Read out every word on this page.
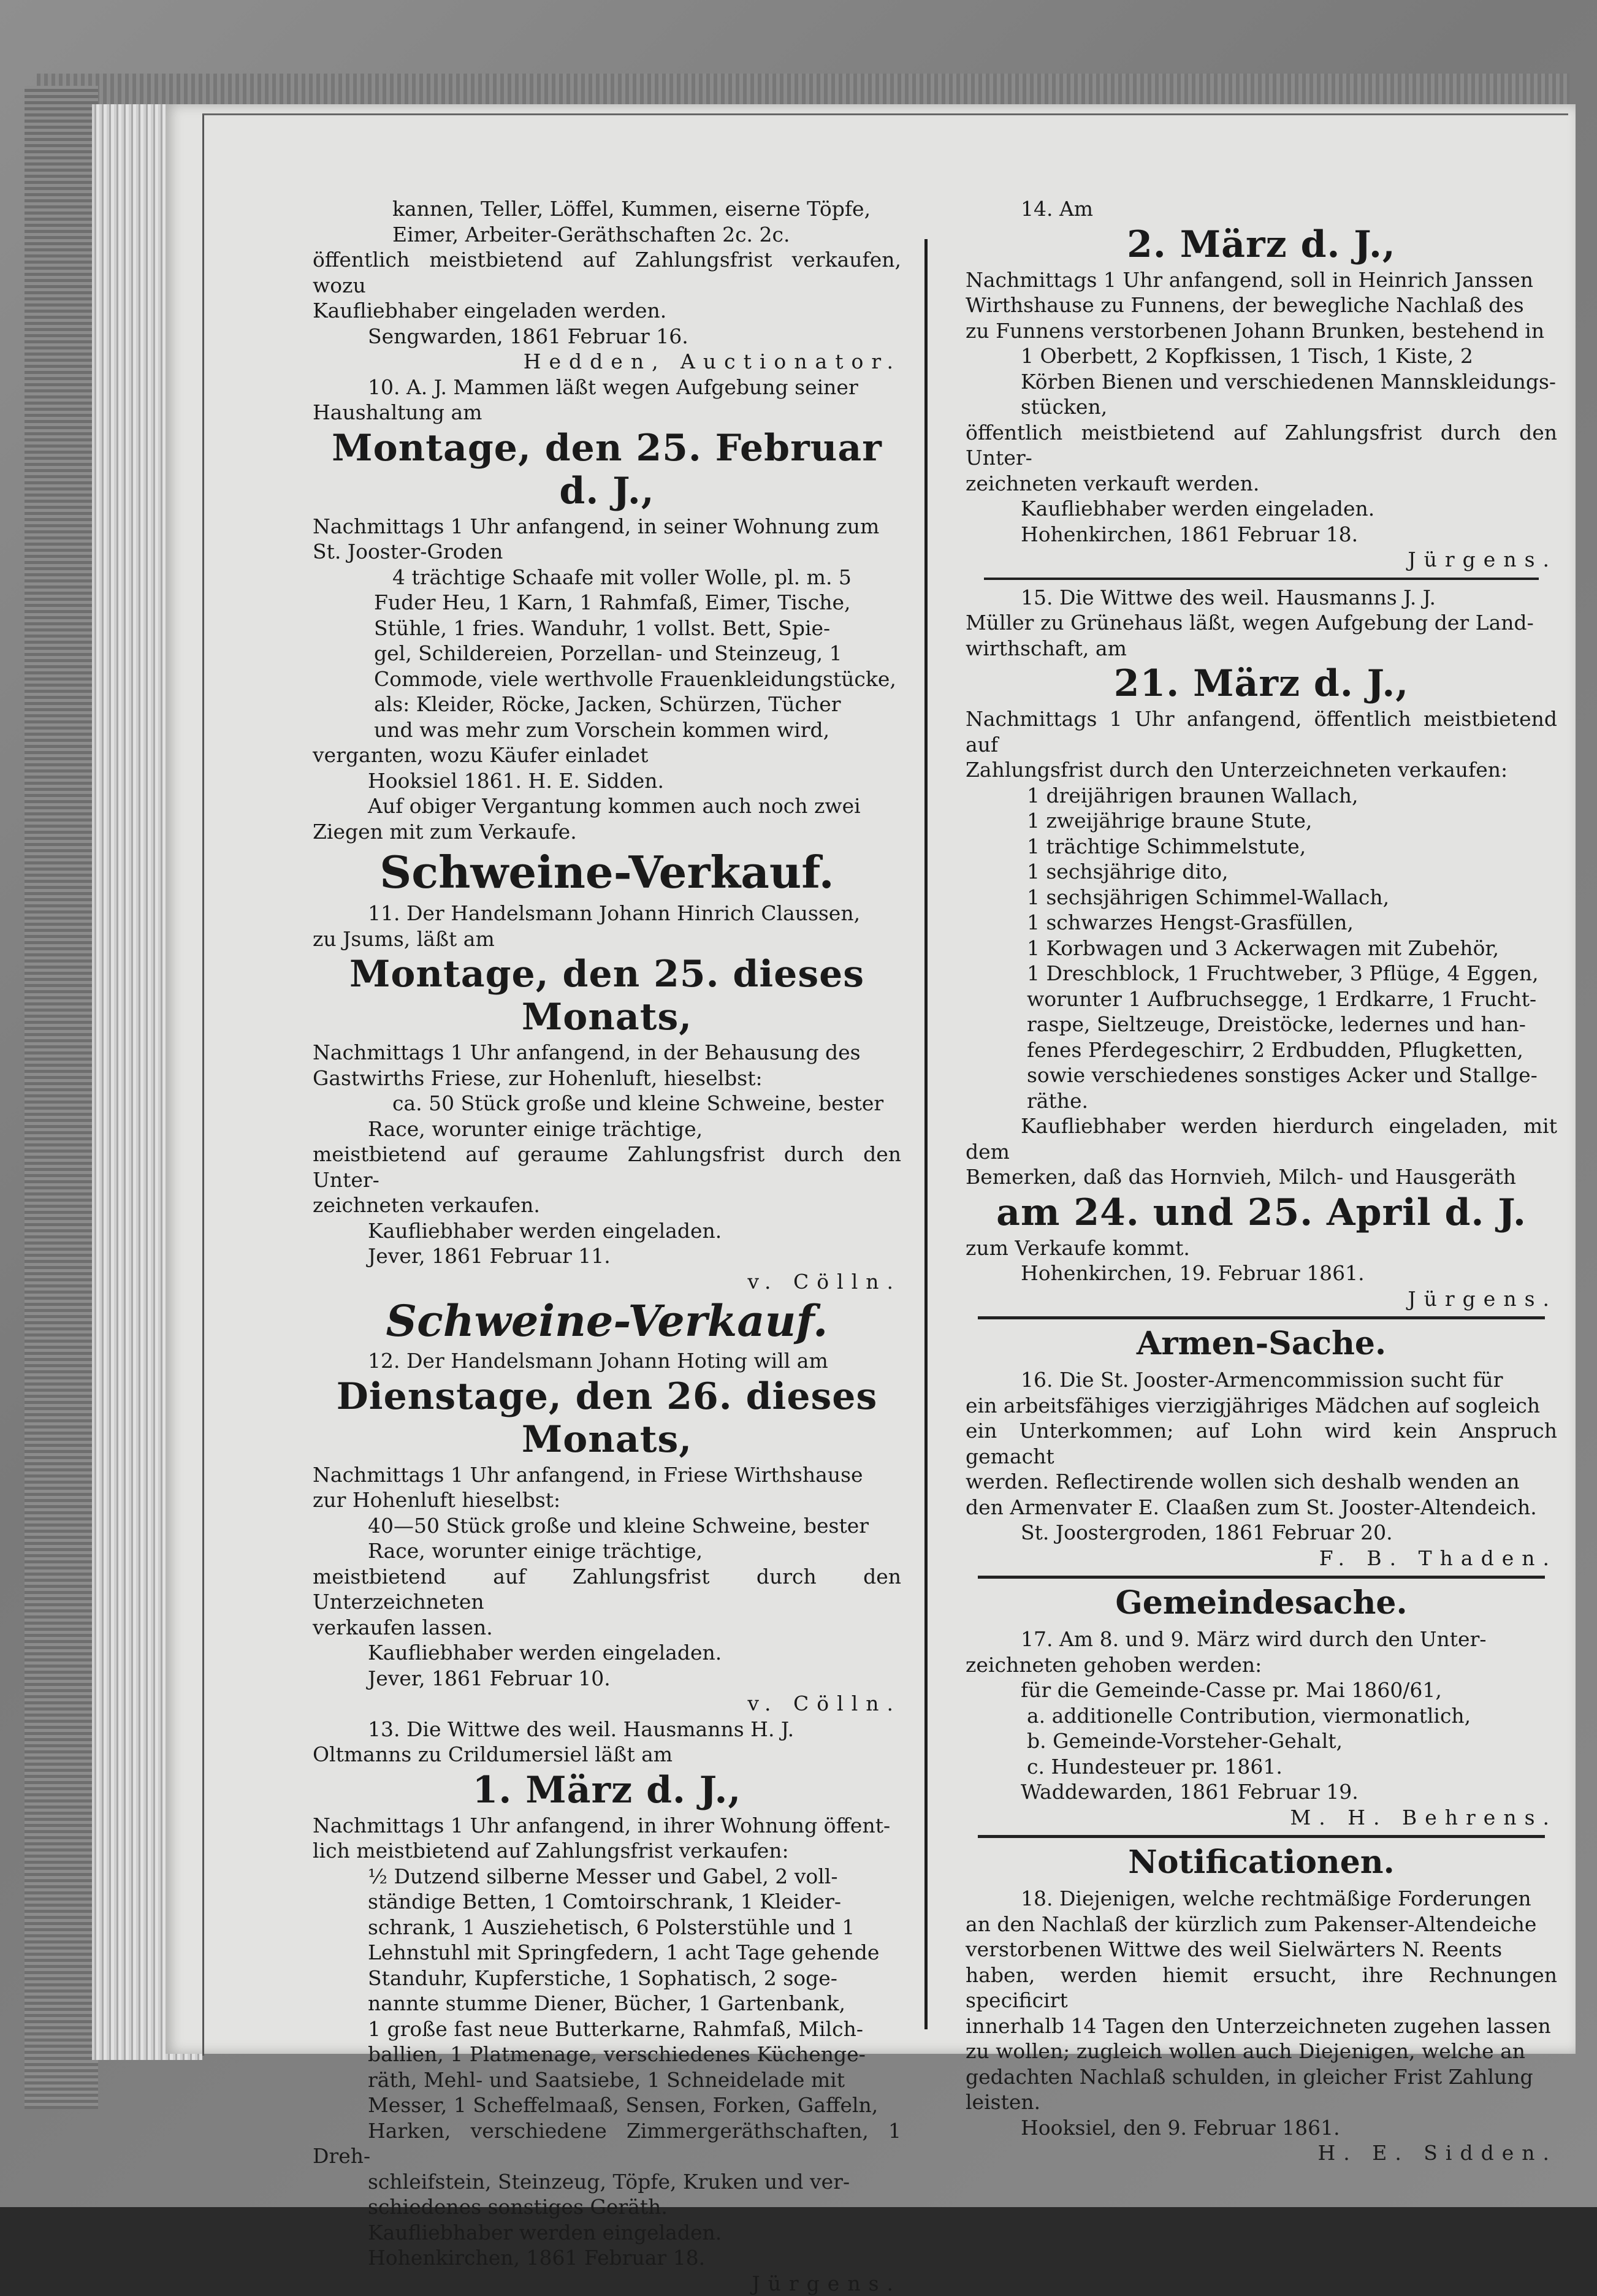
kannen, Teller, Löffel, Kummen, eiserne Töpfe,

Eimer, Arbeiter-Geräthschaften 2c. 2c.

öffentlich meistbietend auf Zahlungsfrist verkaufen, wozu

Kaufliebhaber eingeladen werden.

Sengwarden, 1861 Februar 16.

Hedden, Auctionator.

10. A. J. Mammen läßt wegen Aufgebung seiner

Haushaltung am

Montage, den 25. Februar d. J.,

Nachmittags 1 Uhr anfangend, in seiner Wohnung zum

St. Jooster-Groden

4 trächtige Schaafe mit voller Wolle, pl. m. 5

Fuder Heu, 1 Karn, 1 Rahmfaß, Eimer, Tische,

Stühle, 1 fries. Wanduhr, 1 vollst. Bett, Spie-

gel, Schildereien, Porzellan- und Steinzeug, 1

Commode, viele werthvolle Frauenkleidungstücke,

als: Kleider, Röcke, Jacken, Schürzen, Tücher

und was mehr zum Vorschein kommen wird,

verganten, wozu Käufer einladet

Hooksiel 1861. H. E. Sidden.

Auf obiger Vergantung kommen auch noch zwei

Ziegen mit zum Verkaufe.

Schweine-Verkauf.

11. Der Handelsmann Johann Hinrich Claussen,

zu Jsums, läßt am

Montage, den 25. dieses Monats,

Nachmittags 1 Uhr anfangend, in der Behausung des

Gastwirths Friese, zur Hohenluft, hieselbst:

ca. 50 Stück große und kleine Schweine, bester

Race, worunter einige trächtige,

meistbietend auf geraume Zahlungsfrist durch den Unter-

zeichneten verkaufen.

Kaufliebhaber werden eingeladen.

Jever, 1861 Februar 11.

v. Cölln.

Schweine-Verkauf.

12. Der Handelsmann Johann Hoting will am

Dienstage, den 26. dieses Monats,

Nachmittags 1 Uhr anfangend, in Friese Wirthshause

zur Hohenluft hieselbst:

40—50 Stück große und kleine Schweine, bester

Race, worunter einige trächtige,

meistbietend auf Zahlungsfrist durch den Unterzeichneten

verkaufen lassen.

Kaufliebhaber werden eingeladen.

Jever, 1861 Februar 10.

v. Cölln.

13. Die Wittwe des weil. Hausmanns H. J.

Oltmanns zu Crildumersiel läßt am

1. März d. J.,

Nachmittags 1 Uhr anfangend, in ihrer Wohnung öffent-

lich meistbietend auf Zahlungsfrist verkaufen:

½ Dutzend silberne Messer und Gabel, 2 voll-

ständige Betten, 1 Comtoirschrank, 1 Kleider-

schrank, 1 Ausziehetisch, 6 Polsterstühle und 1

Lehnstuhl mit Springfedern, 1 acht Tage gehende

Standuhr, Kupferstiche, 1 Sophatisch, 2 soge-

nannte stumme Diener, Bücher, 1 Gartenbank,

1 große fast neue Butterkarne, Rahmfaß, Milch-

ballien, 1 Platmenage, verschiedenes Küchenge-

räth, Mehl- und Saatsiebe, 1 Schneidelade mit

Messer, 1 Scheffelmaaß, Sensen, Forken, Gaffeln,

Harken, verschiedene Zimmergeräthschaften, 1 Dreh-

schleifstein, Steinzeug, Töpfe, Kruken und ver-

schiedenes sonstiges Geräth.

Kaufliebhaber werden eingeladen.

Hohenkirchen, 1861 Februar 18.

Jürgens.

14. Am

2. März d. J.,

Nachmittags 1 Uhr anfangend, soll in Heinrich Janssen

Wirthshause zu Funnens, der bewegliche Nachlaß des

zu Funnens verstorbenen Johann Brunken, bestehend in

1 Oberbett, 2 Kopfkissen, 1 Tisch, 1 Kiste, 2

Körben Bienen und verschiedenen Mannskleidungs-

stücken,

öffentlich meistbietend auf Zahlungsfrist durch den Unter-

zeichneten verkauft werden.

Kaufliebhaber werden eingeladen.

Hohenkirchen, 1861 Februar 18.

Jürgens.

15. Die Wittwe des weil. Hausmanns J. J.

Müller zu Grünehaus läßt, wegen Aufgebung der Land-

wirthschaft, am

21. März d. J.,

Nachmittags 1 Uhr anfangend, öffentlich meistbietend auf

Zahlungsfrist durch den Unterzeichneten verkaufen:

1 dreijährigen braunen Wallach,

1 zweijährige braune Stute,

1 trächtige Schimmelstute,

1 sechsjährige dito,

1 sechsjährigen Schimmel-Wallach,

1 schwarzes Hengst-Grasfüllen,

1 Korbwagen und 3 Ackerwagen mit Zubehör,

1 Dreschblock, 1 Fruchtweber, 3 Pflüge, 4 Eggen,

worunter 1 Aufbruchsegge, 1 Erdkarre, 1 Frucht-

raspe, Sieltzeuge, Dreistöcke, ledernes und han-

fenes Pferdegeschirr, 2 Erdbudden, Pflugketten,

sowie verschiedenes sonstiges Acker und Stallge-

räthe.

Kaufliebhaber werden hierdurch eingeladen, mit dem

Bemerken, daß das Hornvieh, Milch- und Hausgeräth

am 24. und 25. April d. J.

zum Verkaufe kommt.

Hohenkirchen, 19. Februar 1861.

Jürgens.

Armen-Sache.

16. Die St. Jooster-Armencommission sucht für

ein arbeitsfähiges vierzigjähriges Mädchen auf sogleich

ein Unterkommen; auf Lohn wird kein Anspruch gemacht

werden. Reflectirende wollen sich deshalb wenden an

den Armenvater E. Claaßen zum St. Jooster-Altendeich.

St. Joostergroden, 1861 Februar 20.

F. B. Thaden.

Gemeindesache.

17. Am 8. und 9. März wird durch den Unter-

zeichneten gehoben werden:

für die Gemeinde-Casse pr. Mai 1860/61,

a. additionelle Contribution, viermonatlich,

b. Gemeinde-Vorsteher-Gehalt,

c. Hundesteuer pr. 1861.

Waddewarden, 1861 Februar 19.

M. H. Behrens.

Notificationen.

18. Diejenigen, welche rechtmäßige Forderungen

an den Nachlaß der kürzlich zum Pakenser-Altendeiche

verstorbenen Wittwe des weil Sielwärters N. Reents

haben, werden hiemit ersucht, ihre Rechnungen specificirt

innerhalb 14 Tagen den Unterzeichneten zugehen lassen

zu wollen; zugleich wollen auch Diejenigen, welche an

gedachten Nachlaß schulden, in gleicher Frist Zahlung

leisten.

Hooksiel, den 9. Februar 1861.

H. E. Sidden.
